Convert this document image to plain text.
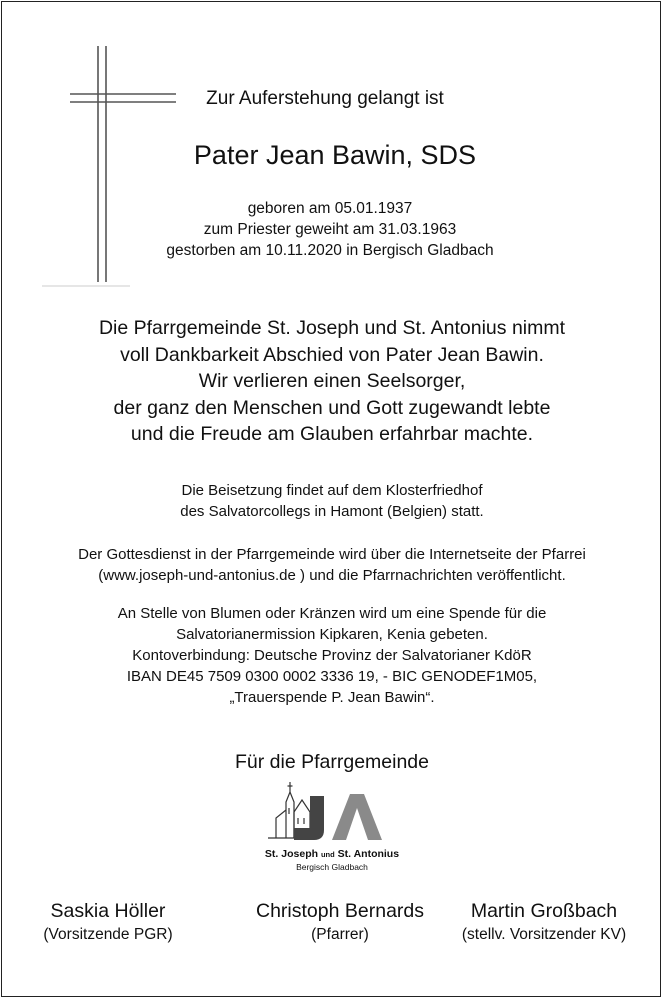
Zur Auferstehung gelangt ist
Pater Jean Bawin, SDS
geboren am 05.01.1937
zum Priester geweiht am 31.03.1963
gestorben am 10.11.2020 in Bergisch Gladbach
Die Pfarrgemeinde St. Joseph und St. Antonius nimmt
voll Dankbarkeit Abschied von Pater Jean Bawin.
Wir verlieren einen Seelsorger,
der ganz den Menschen und Gott zugewandt lebte
und die Freude am Glauben erfahrbar machte.
Die Beisetzung findet auf dem Klosterfriedhof
des Salvatorcollegs in Hamont (Belgien) statt.
Der Gottesdienst in der Pfarrgemeinde wird über die Internetseite der Pfarrei
(www.joseph-und-antonius.de ) und die Pfarrnachrichten veröffentlicht.
An Stelle von Blumen oder Kränzen wird um eine Spende für die
Salvatorianermission Kipkaren, Kenia gebeten.
Kontoverbindung: Deutsche Provinz der Salvatorianer KdöR
IBAN DE45 7509 0300 0002 3336 19, - BIC GENODEF1M05,
„Trauerspende P. Jean Bawin“.
Für die Pfarrgemeinde
St. Joseph und St. Antonius
Bergisch Gladbach
Saskia Höller
(Vorsitzende PGR)
Christoph Bernards
(Pfarrer)
Martin Großbach
(stellv. Vorsitzender KV)
